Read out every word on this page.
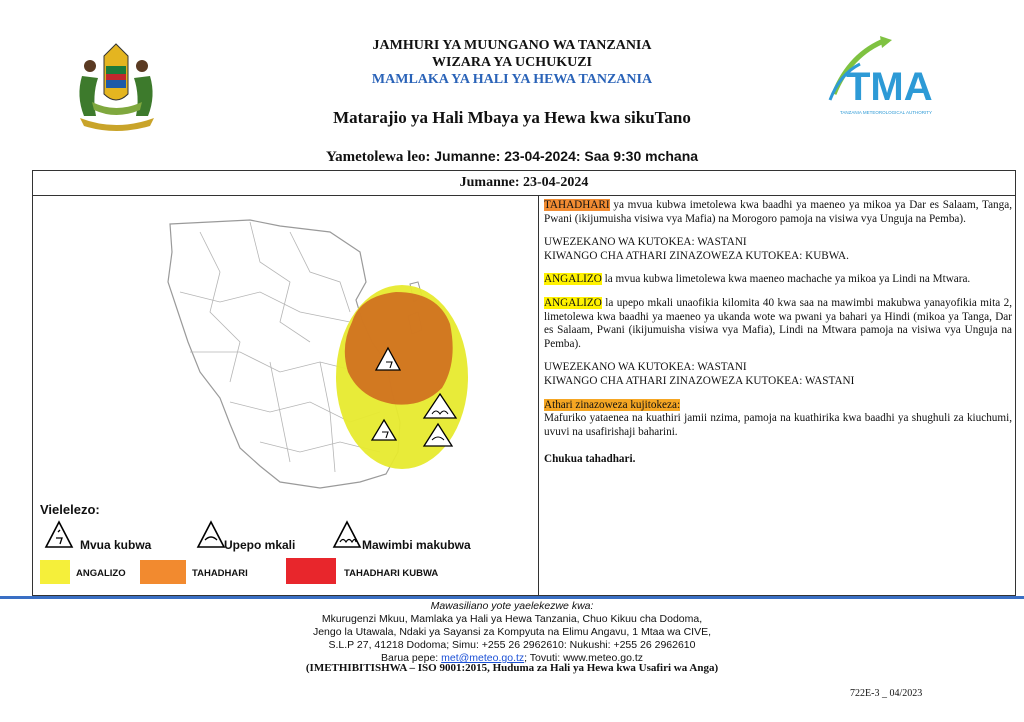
TMA
TANZANIA METEOROLOGICAL AUTHORITY
JAMHURI YA MUUNGANO WA TANZANIA
WIZARA YA UCHUKUZI
MAMLAKA YA HALI YA HEWA TANZANIA
Matarajio ya Hali Mbaya ya Hewa kwa sikuTano
Yametolewa leo: Jumanne: 23-04-2024: Saa 9:30 mchana
Jumanne: 23-04-2024
Vielelezo:
Mvua kubwa	Upepo mkali	Mawimbi makubwa
ANGALIZO	TAHADHARI	TAHADHARI KUBWA

TAHADHARI ya mvua kubwa imetolewa kwa baadhi ya maeneo ya mikoa ya Dar es Salaam, Tanga, Pwani (ikijumuisha visiwa vya Mafia) na Morogoro pamoja na visiwa vya Unguja na Pemba).

UWEZEKANO WA KUTOKEA: WASTANI
KIWANGO CHA ATHARI ZINAZOWEZA KUTOKEA: KUBWA.

ANGALIZO la mvua kubwa limetolewa kwa maeneo machache ya mikoa ya Lindi na Mtwara.

ANGALIZO la upepo mkali unaofikia kilomita 40 kwa saa na mawimbi makubwa yanayofikia mita 2, limetolewa kwa baadhi ya maeneo ya ukanda wote wa pwani ya bahari ya Hindi (mikoa ya Tanga, Dar es Salaam, Pwani (ikijumuisha visiwa vya Mafia), Lindi na Mtwara pamoja na visiwa vya Unguja na Pemba).

UWEZEKANO WA KUTOKEA: WASTANI
KIWANGO CHA ATHARI ZINAZOWEZA KUTOKEA: WASTANI

Athari zinazoweza kujitokeza:
Mafuriko yataenea na kuathiri jamii nzima, pamoja na kuathirika kwa baadhi ya shughuli za kiuchumi, uvuvi na usafirishaji baharini.

Chukua tahadhari.

Mawasiliano yote yaelekezwe kwa:
Mkurugenzi Mkuu, Mamlaka ya Hali ya Hewa Tanzania, Chuo Kikuu cha Dodoma,
Jengo la Utawala, Ndaki ya Sayansi za Kompyuta na Elimu Angavu, 1 Mtaa wa CIVE,
S.L.P 27, 41218 Dodoma; Simu: +255 26 2962610: Nukushi: +255 26 2962610
Barua pepe: met@meteo.go.tz; Tovuti: www.meteo.go.tz
(IMETHIBITISHWA – ISO 9001:2015, Huduma za Hali ya Hewa kwa Usafiri wa Anga)
722E-3 _ 04/2023
